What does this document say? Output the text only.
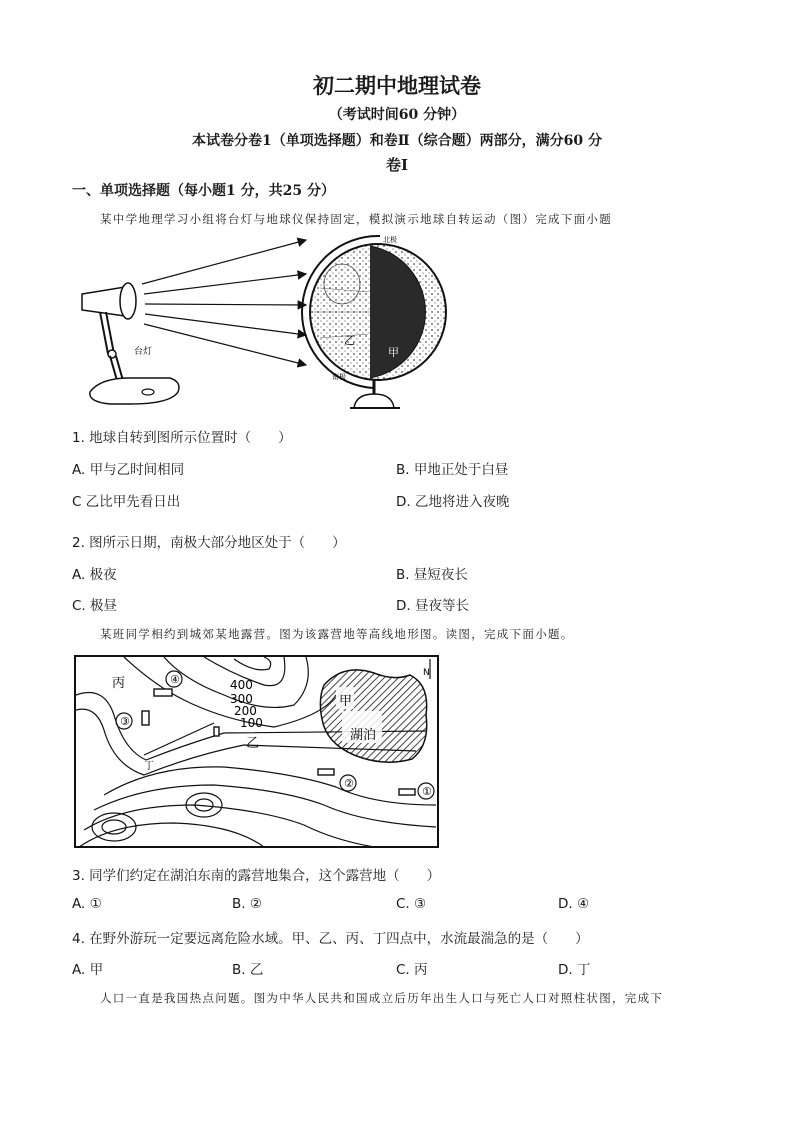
初二期中地理试卷
（考试时间60 分钟）
本试卷分卷1（单项选择题）和卷Ⅱ（综合题）两部分，满分60 分
卷Ⅰ
一、单项选择题（每小题1 分，共25 分）
某中学地理学习小组将台灯与地球仪保持固定，模拟演示地球自转运动（图）完成下面小题
台灯
北极
南极
乙
甲
1. 地球自转到图所示位置时（　　）
A. 甲与乙时间相同	B. 甲地正处于白昼
C 乙比甲先看日出	D. 乙地将进入夜晚
2. 图所示日期，南极大部分地区处于（　　）
A. 极夜	B. 昼短夜长
C. 极昼	D. 昼夜等长
某班同学相约到城郊某地露营。图为该露营地等高线地形图。读图，完成下面小题。
N
④
③
②
①
丙
乙
甲
湖泊
丁
400
300
200
100
3. 同学们约定在湖泊东南的露营地集合，这个露营地（　　）
A. ①	B. ②	C. ③	D. ④
4. 在野外游玩一定要远离危险水域。甲、乙、丙、丁四点中，水流最湍急的是（　　）
A. 甲	B. 乙	C. 丙	D. 丁
人口一直是我国热点问题。图为中华人民共和国成立后历年出生人口与死亡人口对照柱状图，完成下
